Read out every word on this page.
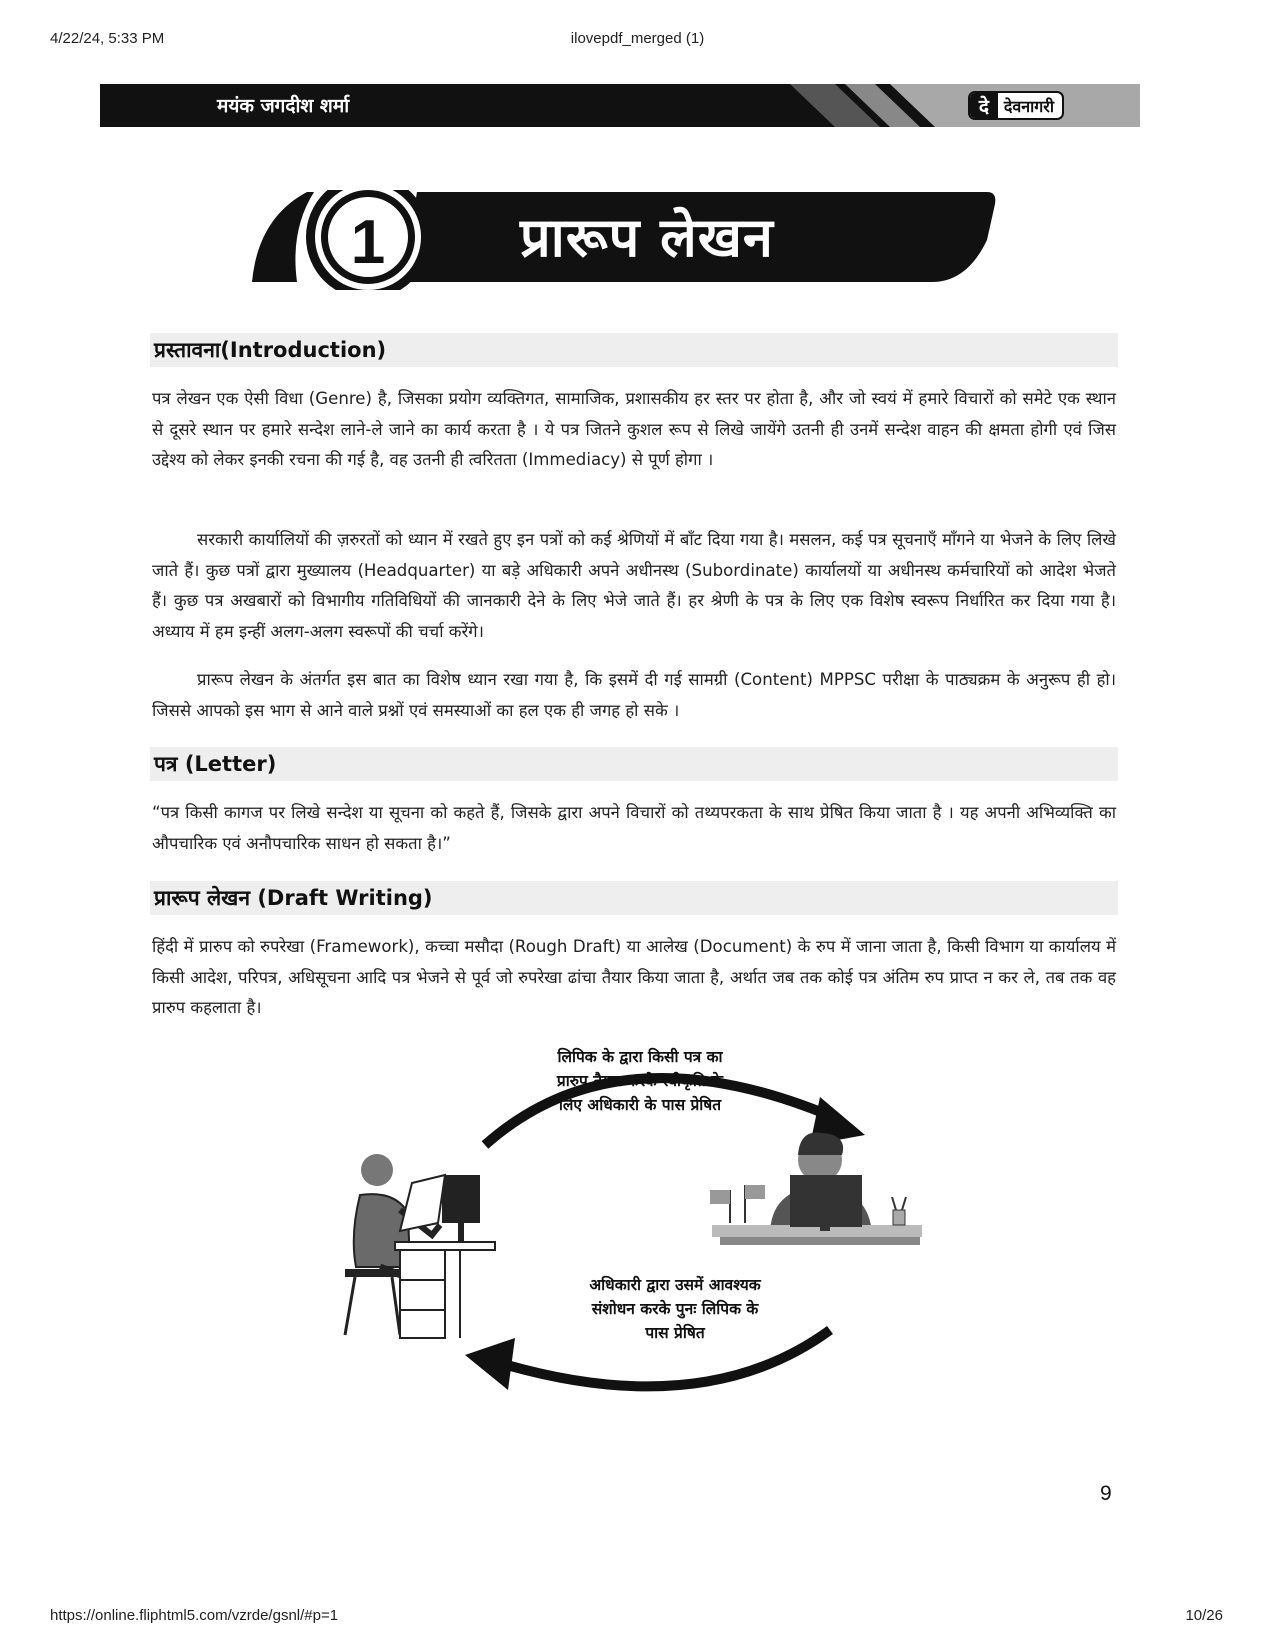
4/22/24, 5:33 PM	ilovepdf_merged (1)
मयंक जगदीश शर्मा	दे देवनागरी
1	प्रारूप लेखन
प्रस्तावना(Introduction)

पत्र लेखन एक ऐसी विधा (Genre) है, जिसका प्रयोग व्यक्तिगत, सामाजिक, प्रशासकीय हर स्तर पर होता है, और जो स्वयं में हमारे विचारों को समेटे एक स्थान से दूसरे स्थान पर हमारे सन्देश लाने-ले जाने का कार्य करता है । ये पत्र जितने कुशल रूप से लिखे जायेंगे उतनी ही उनमें सन्देश वाहन की क्षमता होगी एवं जिस उद्देश्य को लेकर इनकी रचना की गई है, वह उतनी ही त्वरितता (Immediacy) से पूर्ण होगा ।

सरकारी कार्यालियों की ज़रुरतों को ध्यान में रखते हुए इन पत्रों को कई श्रेणियों में बाँट दिया गया है। मसलन, कई पत्र सूचनाएँ माँगने या भेजने के लिए लिखे जाते हैं। कुछ पत्रों द्वारा मुख्यालय (Headquarter) या बड़े अधिकारी अपने अधीनस्थ (Subordinate) कार्यालयों या अधीनस्थ कर्मचारियों को आदेश भेजते हैं। कुछ पत्र अखबारों को विभागीय गतिविधियों की जानकारी देने के लिए भेजे जाते हैं। हर श्रेणी के पत्र के लिए एक विशेष स्वरूप निर्धारित कर दिया गया है। अध्याय में हम इन्हीं अलग-अलग स्वरूपों की चर्चा करेंगे।

प्रारूप लेखन के अंतर्गत इस बात का विशेष ध्यान रखा गया है, कि इसमें दी गई सामग्री (Content) MPPSC परीक्षा के पाठ्यक्रम के अनुरूप ही हो। जिससे आपको इस भाग से आने वाले प्रश्नों एवं समस्याओं का हल एक ही जगह हो सके ।

पत्र (Letter)

“पत्र किसी कागज पर लिखे सन्देश या सूचना को कहते हैं, जिसके द्वारा अपने विचारों को तथ्यपरकता के साथ प्रेषित किया जाता है । यह अपनी अभिव्यक्ति का औपचारिक एवं अनौपचारिक साधन हो सकता है।”

प्रारूप लेखन (Draft Writing)

हिंदी में प्रारुप को रुपरेखा (Framework), कच्चा मसौदा (Rough Draft) या आलेख (Document) के रुप में जाना जाता है, किसी विभाग या कार्यालय में किसी आदेश, परिपत्र, अधिसूचना आदि पत्र भेजने से पूर्व जो रुपरेखा ढांचा तैयार किया जाता है, अर्थात जब तक कोई पत्र अंतिम रुप प्राप्त न कर ले, तब तक वह प्रारुप कहलाता है।

लिपिक के द्वारा किसी पत्र का
प्रारुप तैयार करके स्वीकृति के
लिए अधिकारी के पास प्रेषित
अधिकारी द्वारा उसमें आवश्यक
संशोधन करके पुनः लिपिक के
पास प्रेषित
9
https://online.fliphtml5.com/vzrde/gsnl/#p=1	10/26
